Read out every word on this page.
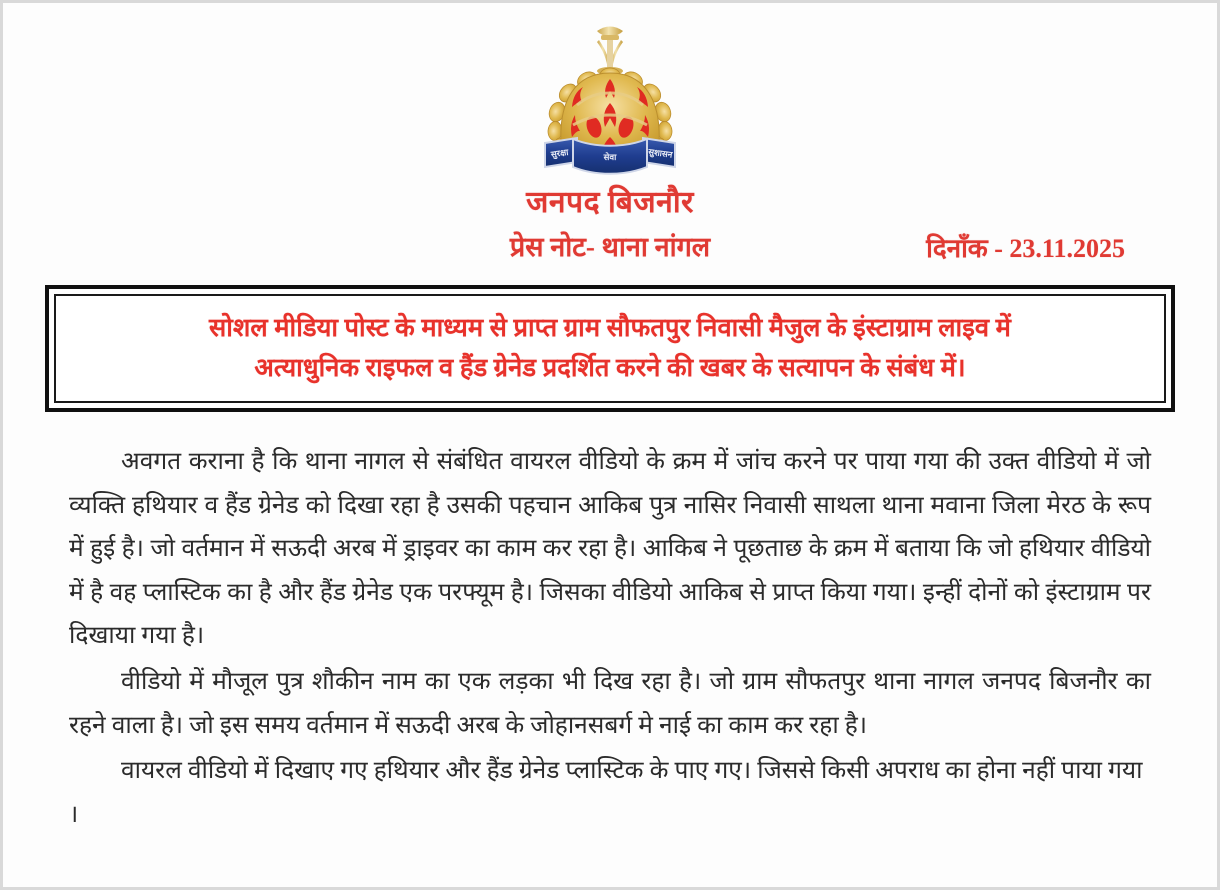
सुरक्षा	सेवा	सुशासन
जनपद बिजनौर
प्रेस नोट- थाना नांगल	दिनाँक - 23.11.2025
सोशल मीडिया पोस्ट के माध्यम से प्राप्त ग्राम सौफतपुर निवासी मैजुल के इंस्टाग्राम लाइव में
अत्याधुनिक राइफल व हैंड ग्रेनेड प्रदर्शित करने की खबर के सत्यापन के संबंध में।

अवगत कराना है कि थाना नागल से संबंधित वायरल वीडियो के क्रम में जांच करने पर पाया गया की उक्त वीडियो में जो व्यक्ति हथियार व हैंड ग्रेनेड को दिखा रहा है उसकी पहचान आकिब पुत्र नासिर निवासी साथला थाना मवाना जिला मेरठ के रूप में हुई है। जो वर्तमान में सऊदी अरब में ड्राइवर का काम कर रहा है। आकिब ने पूछताछ के क्रम में बताया कि जो हथियार वीडियो में है वह प्लास्टिक का है और हैंड ग्रेनेड एक परफ्यूम है। जिसका वीडियो आकिब से प्राप्त किया गया। इन्हीं दोनों को इंस्टाग्राम पर दिखाया गया है।

वीडियो में मौजूल पुत्र शौकीन नाम का एक लड़का भी दिख रहा है। जो ग्राम सौफतपुर थाना नागल जनपद बिजनौर का रहने वाला है। जो इस समय वर्तमान में सऊदी अरब के जोहानसबर्ग मे नाई का काम कर रहा है।

वायरल वीडियो में दिखाए गए हथियार और हैंड ग्रेनेड प्लास्टिक के पाए गए। जिससे किसी अपराध का होना नहीं पाया गया ।
